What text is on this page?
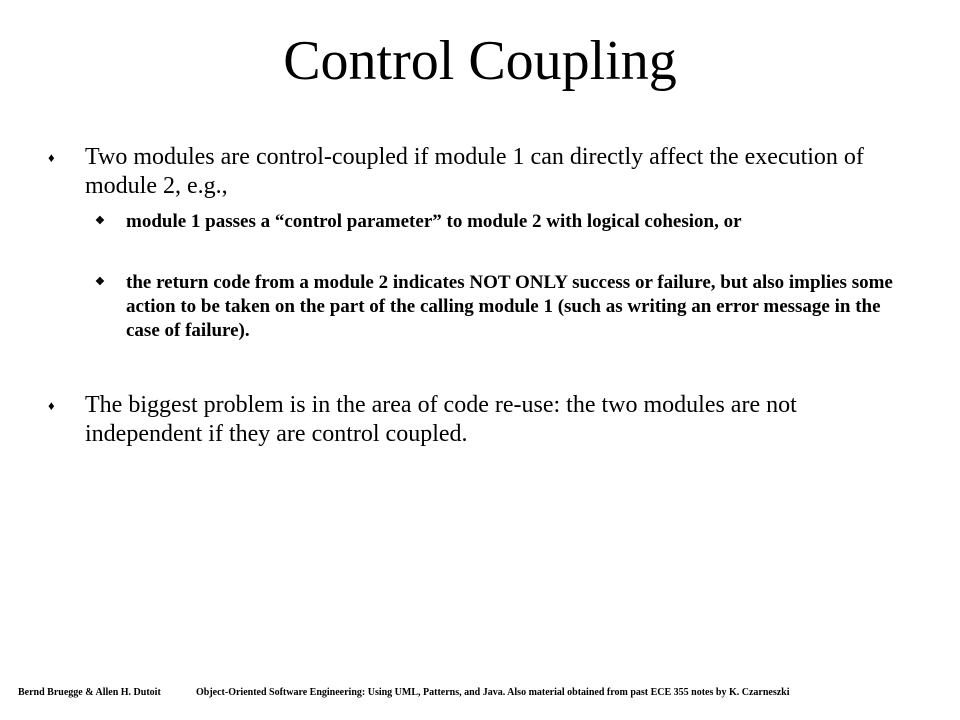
Control Coupling
♦ Two modules are control-coupled if module 1 can directly affect the execution of module 2, e.g.,
❖ module 1 passes a “control parameter” to module 2 with logical cohesion, or
❖ the return code from a module 2 indicates NOT ONLY success or failure, but also implies some action to be taken on the part of the calling module 1 (such as writing an error message in the case of failure).
♦ The biggest problem is in the area of code re-use: the two modules are not independent if they are control coupled.
Bernd Bruegge & Allen H. Dutoit	Object-Oriented Software Engineering: Using UML, Patterns, and Java. Also material obtained from past ECE 355 notes by K. Czarneszki
